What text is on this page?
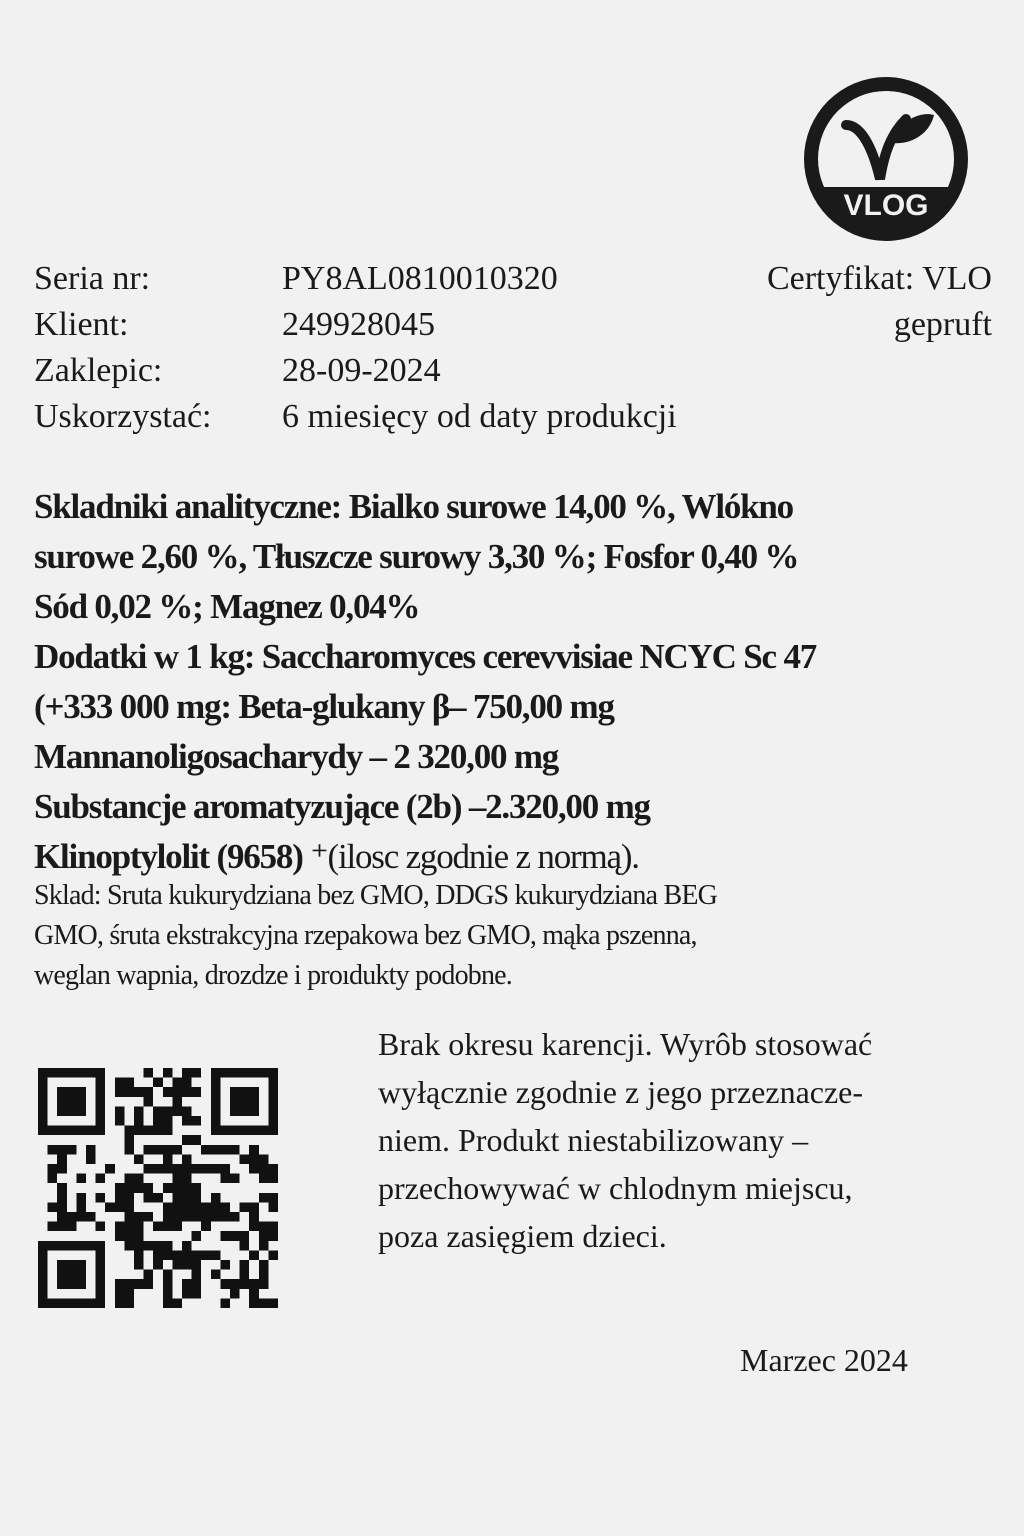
VLOG
Seria nr:	PY8AL0810010320
Klient:	249928045
Zaklepic:	28-09-2024
Uskorzystać:	6 miesięcy od daty produkcji
Certyfikat: VLO
gepruft
Skladniki analityczne: Bialko surowe 14,00 %, Wlókno
surowe 2,60 %, Tłuszcze surowy 3,30 %; Fosfor 0,40 %
Sód 0,02 %; Magnez 0,04%
Dodatki w 1 kg: Saccharomyces cerevvisiae NCYC Sc 47
(+333 000 mg: Beta-glukany β– 750,00 mg
Mannanoligosacharydy – 2 320,00 mg
Substancje aromatyzujące (2b) –2.320,00 mg
Klinoptylolit (9658) ⁺(ilosc zgodnie z normą).
Sklad: Sruta kukurydziana bez GMO, DDGS kukurydziana BEG
GMO, śruta ekstrakcyjna rzepakowa bez GMO, mąka pszenna,
weglan wapnia, drozdze i proıdukty podobne.
Brak okresu karencji. Wyrôb stosować
wyłącznie zgodnie z jego przeznacze-
niem. Produkt niestabilizowany –
przechowywać w chlodnym miejscu,
poza zasięgiem dzieci.
Marzec 2024
